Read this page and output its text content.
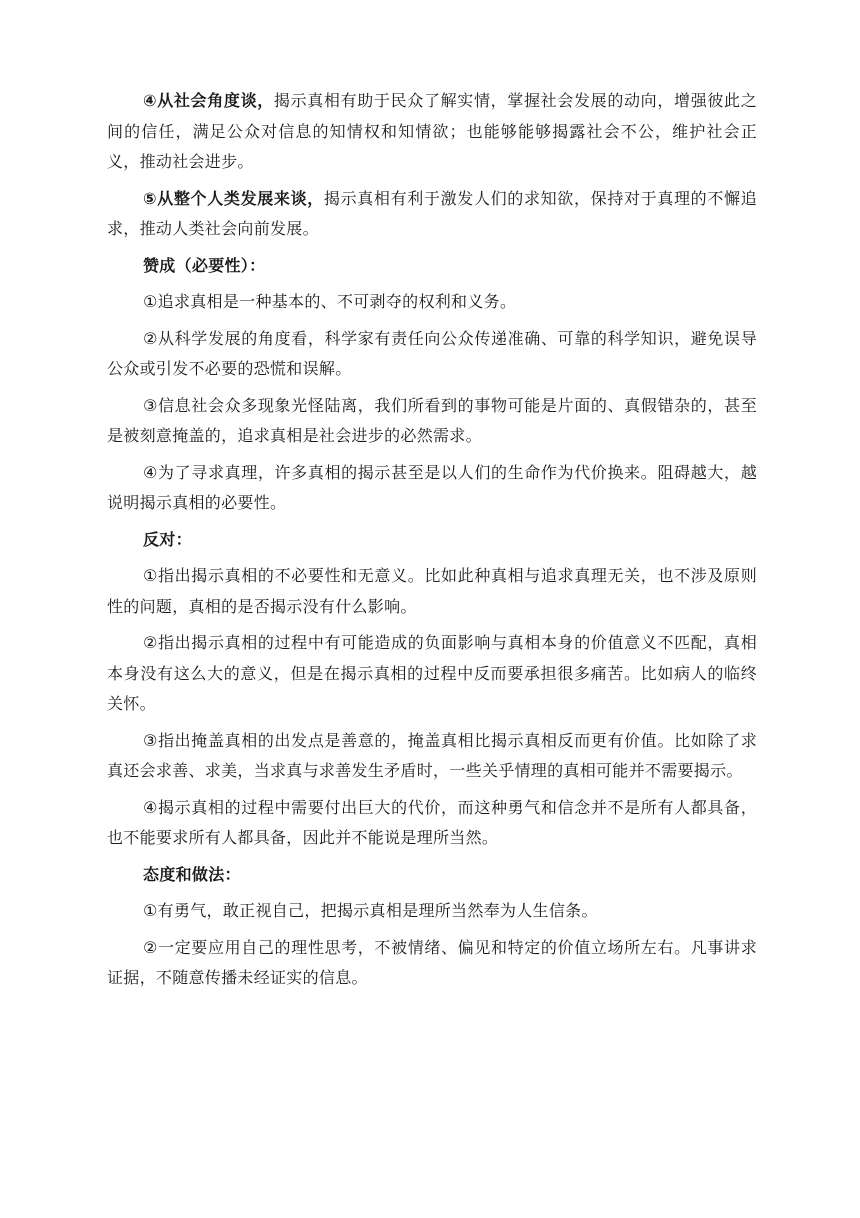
④从社会角度谈，揭示真相有助于民众了解实情，掌握社会发展的动向，增强彼此之间的信任，满足公众对信息的知情权和知情欲；也能够能够揭露社会不公，维护社会正义，推动社会进步。

⑤从整个人类发展来谈，揭示真相有利于激发人们的求知欲，保持对于真理的不懈追求，推动人类社会向前发展。

赞成（必要性）：

①追求真相是一种基本的、不可剥夺的权利和义务。

②从科学发展的角度看，科学家有责任向公众传递准确、可靠的科学知识，避免误导公众或引发不必要的恐慌和误解。

③信息社会众多现象光怪陆离，我们所看到的事物可能是片面的、真假错杂的，甚至是被刻意掩盖的，追求真相是社会进步的必然需求。

④为了寻求真理，许多真相的揭示甚至是以人们的生命作为代价换来。阻碍越大，越说明揭示真相的必要性。

反对：

①指出揭示真相的不必要性和无意义。比如此种真相与追求真理无关，也不涉及原则性的问题，真相的是否揭示没有什么影响。

②指出揭示真相的过程中有可能造成的负面影响与真相本身的价值意义不匹配，真相本身没有这么大的意义，但是在揭示真相的过程中反而要承担很多痛苦。比如病人的临终关怀。

③指出掩盖真相的出发点是善意的，掩盖真相比揭示真相反而更有价值。比如除了求真还会求善、求美，当求真与求善发生矛盾时，一些关乎情理的真相可能并不需要揭示。

④揭示真相的过程中需要付出巨大的代价，而这种勇气和信念并不是所有人都具备，也不能要求所有人都具备，因此并不能说是理所当然。

态度和做法：

①有勇气，敢正视自己，把揭示真相是理所当然奉为人生信条。

②一定要应用自己的理性思考，不被情绪、偏见和特定的价值立场所左右。凡事讲求证据，不随意传播未经证实的信息。
